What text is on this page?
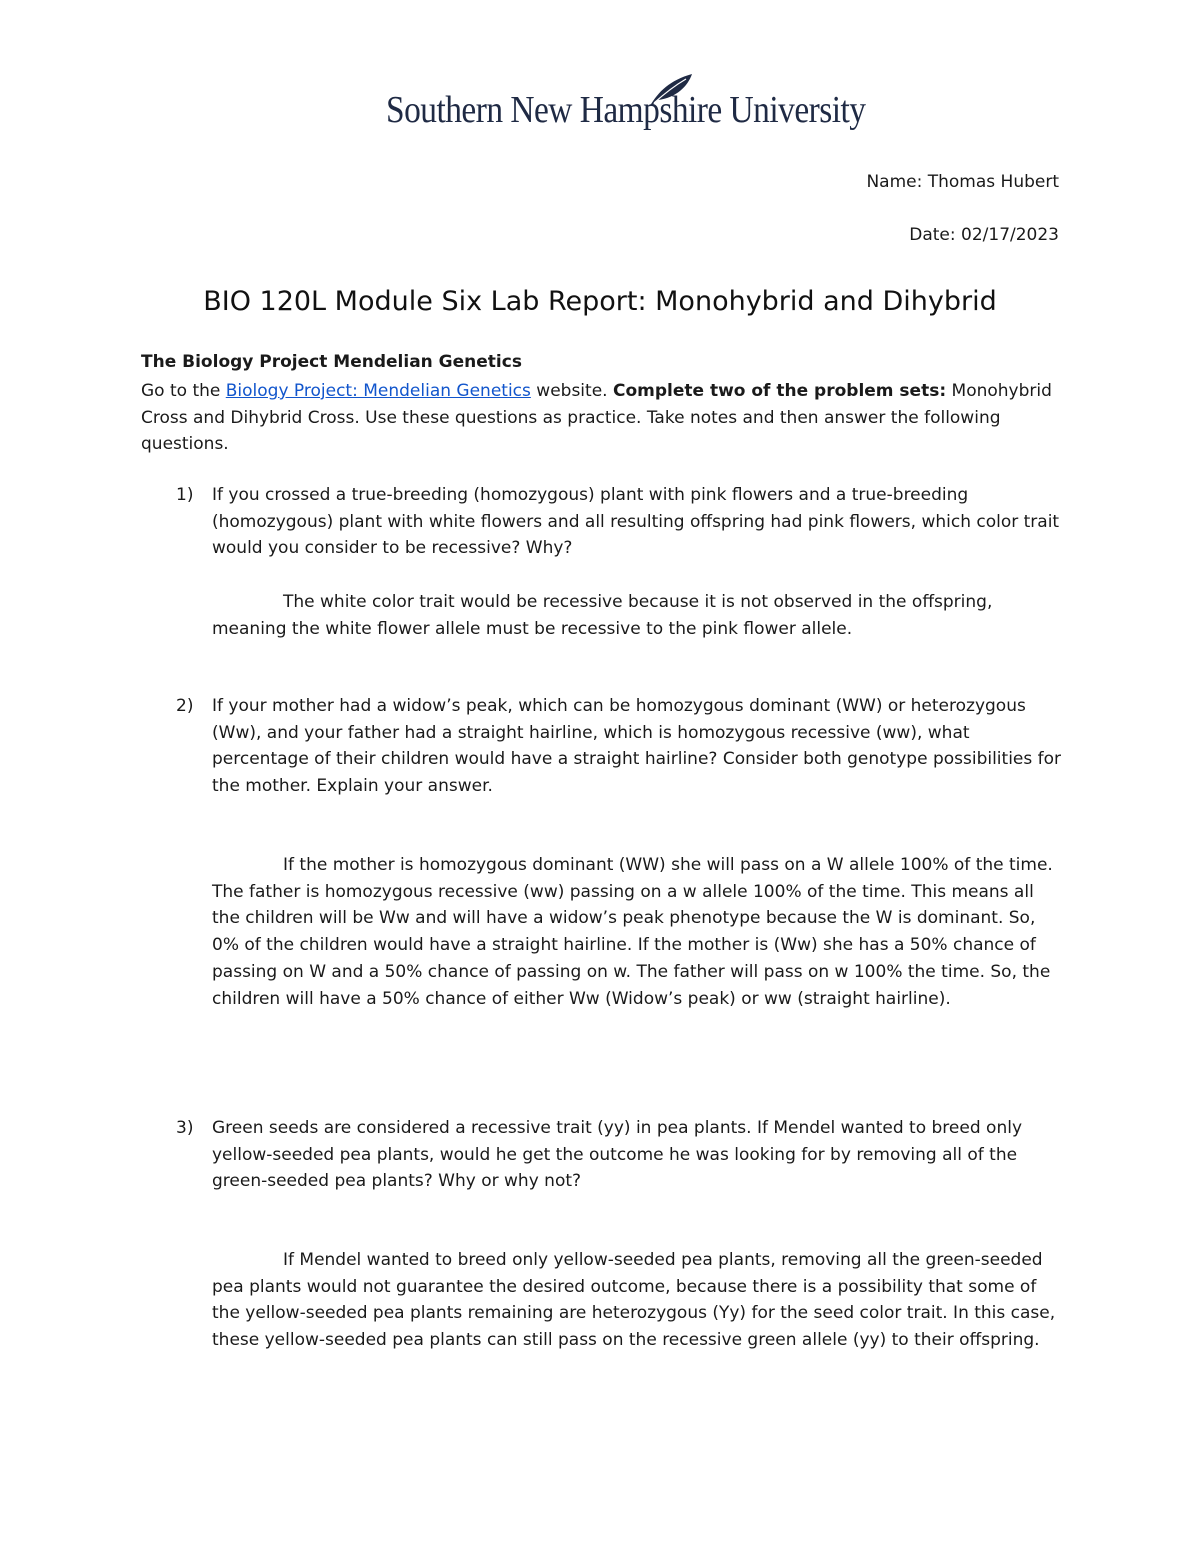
Southern New Hampshire University
Name: Thomas Hubert
Date: 02/17/2023
BIO 120L Module Six Lab Report: Monohybrid and Dihybrid
The Biology Project Mendelian Genetics
Go to the Biology Project: Mendelian Genetics website. Complete two of the problem sets: Monohybrid Cross and Dihybrid Cross. Use these questions as practice. Take notes and then answer the following questions.
1) If you crossed a true-breeding (homozygous) plant with pink flowers and a true-breeding (homozygous) plant with white flowers and all resulting offspring had pink flowers, which color trait would you consider to be recessive? Why?
The white color trait would be recessive because it is not observed in the offspring, meaning the white flower allele must be recessive to the pink flower allele.
2) If your mother had a widow’s peak, which can be homozygous dominant (WW) or heterozygous (Ww), and your father had a straight hairline, which is homozygous recessive (ww), what percentage of their children would have a straight hairline? Consider both genotype possibilities for the mother. Explain your answer.
If the mother is homozygous dominant (WW) she will pass on a W allele 100% of the time. The father is homozygous recessive (ww) passing on a w allele 100% of the time. This means all the children will be Ww and will have a widow’s peak phenotype because the W is dominant. So, 0% of the children would have a straight hairline. If the mother is (Ww) she has a 50% chance of passing on W and a 50% chance of passing on w. The father will pass on w 100% the time. So, the children will have a 50% chance of either Ww (Widow’s peak) or ww (straight hairline).
3) Green seeds are considered a recessive trait (yy) in pea plants. If Mendel wanted to breed only yellow-seeded pea plants, would he get the outcome he was looking for by removing all of the green-seeded pea plants? Why or why not?
If Mendel wanted to breed only yellow-seeded pea plants, removing all the green-seeded pea plants would not guarantee the desired outcome, because there is a possibility that some of the yellow-seeded pea plants remaining are heterozygous (Yy) for the seed color trait. In this case, these yellow-seeded pea plants can still pass on the recessive green allele (yy) to their offspring.
